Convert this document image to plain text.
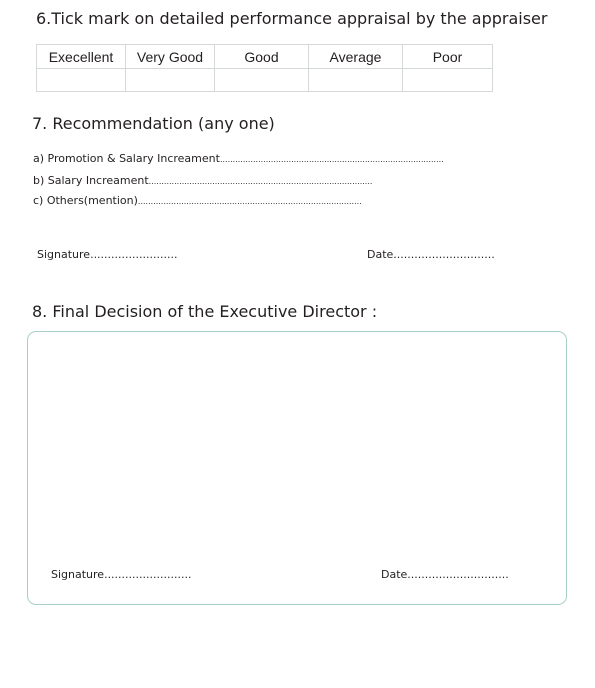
6.Tick mark on detailed performance appraisal by the appraiser
Execellent	Very Good	Good	Average	Poor

7. Recommendation (any one)
a) Promotion & Salary Increament........................................................................................
b) Salary Increament........................................................................................
c) Others(mention)........................................................................................
Signature.........................	Date.............................
8. Final Decision of the Executive Director :
Signature.........................	Date.............................
